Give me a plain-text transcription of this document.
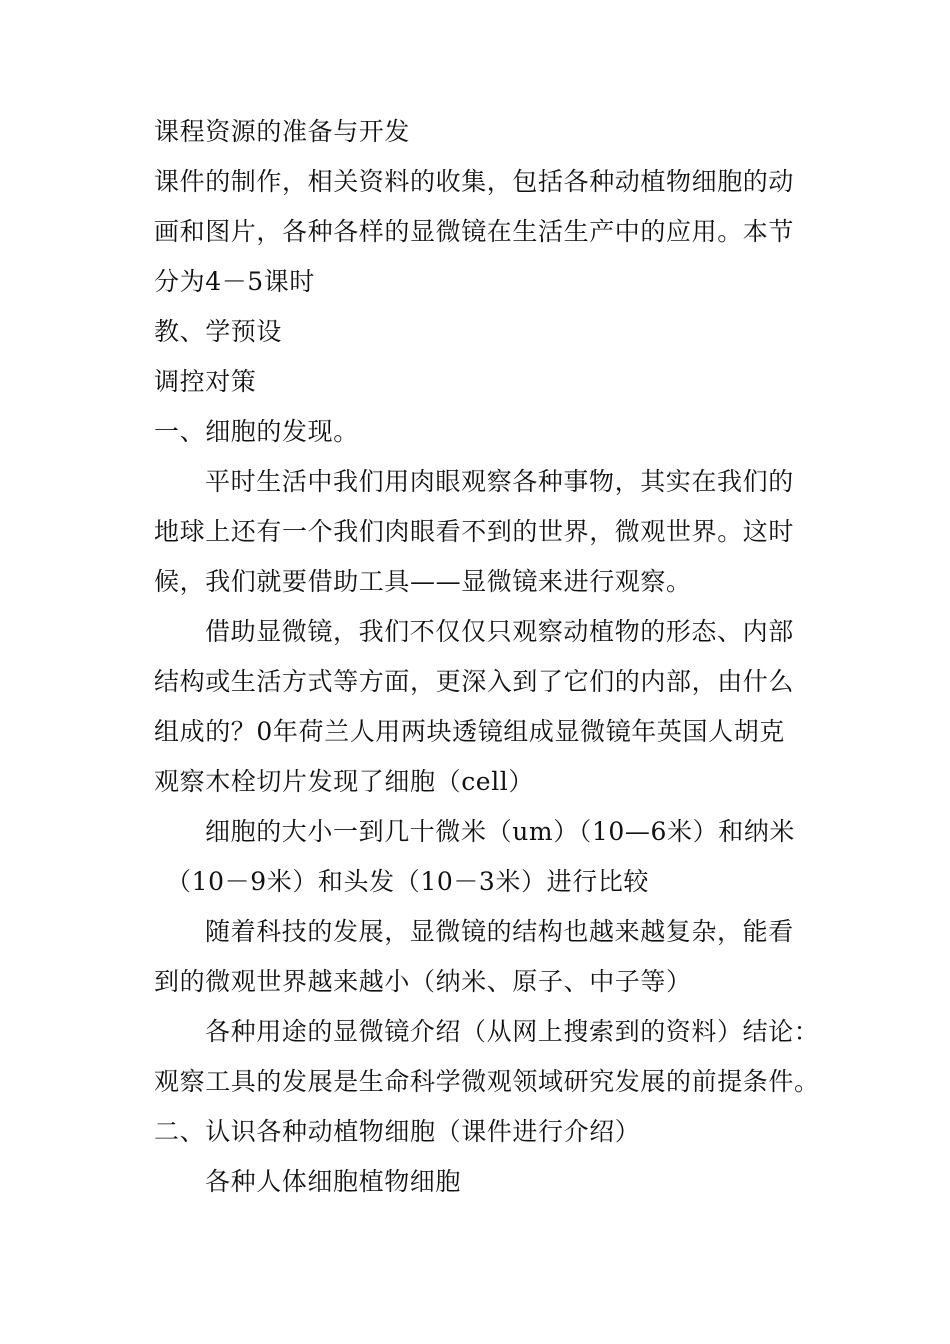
课程资源的准备与开发
课件的制作，相关资料的收集，包括各种动植物细胞的动
画和图片，各种各样的显微镜在生活生产中的应用。本节
分为4－5课时
教、学预设
调控对策
一、细胞的发现。
平时生活中我们用肉眼观察各种事物，其实在我们的
地球上还有一个我们肉眼看不到的世界，微观世界。这时
候，我们就要借助工具——显微镜来进行观察。
借助显微镜，我们不仅仅只观察动植物的形态、内部
结构或生活方式等方面，更深入到了它们的内部，由什么
组成的？0年荷兰人用两块透镜组成显微镜年英国人胡克
观察木栓切片发现了细胞（cell）
细胞的大小一到几十微米（um）（10—6米）和纳米
（10－9米）和头发（10－3米）进行比较
随着科技的发展，显微镜的结构也越来越复杂，能看
到的微观世界越来越小（纳米、原子、中子等）
各种用途的显微镜介绍（从网上搜索到的资料）结论：
观察工具的发展是生命科学微观领域研究发展的前提条件。
二、认识各种动植物细胞（课件进行介绍）
各种人体细胞植物细胞
